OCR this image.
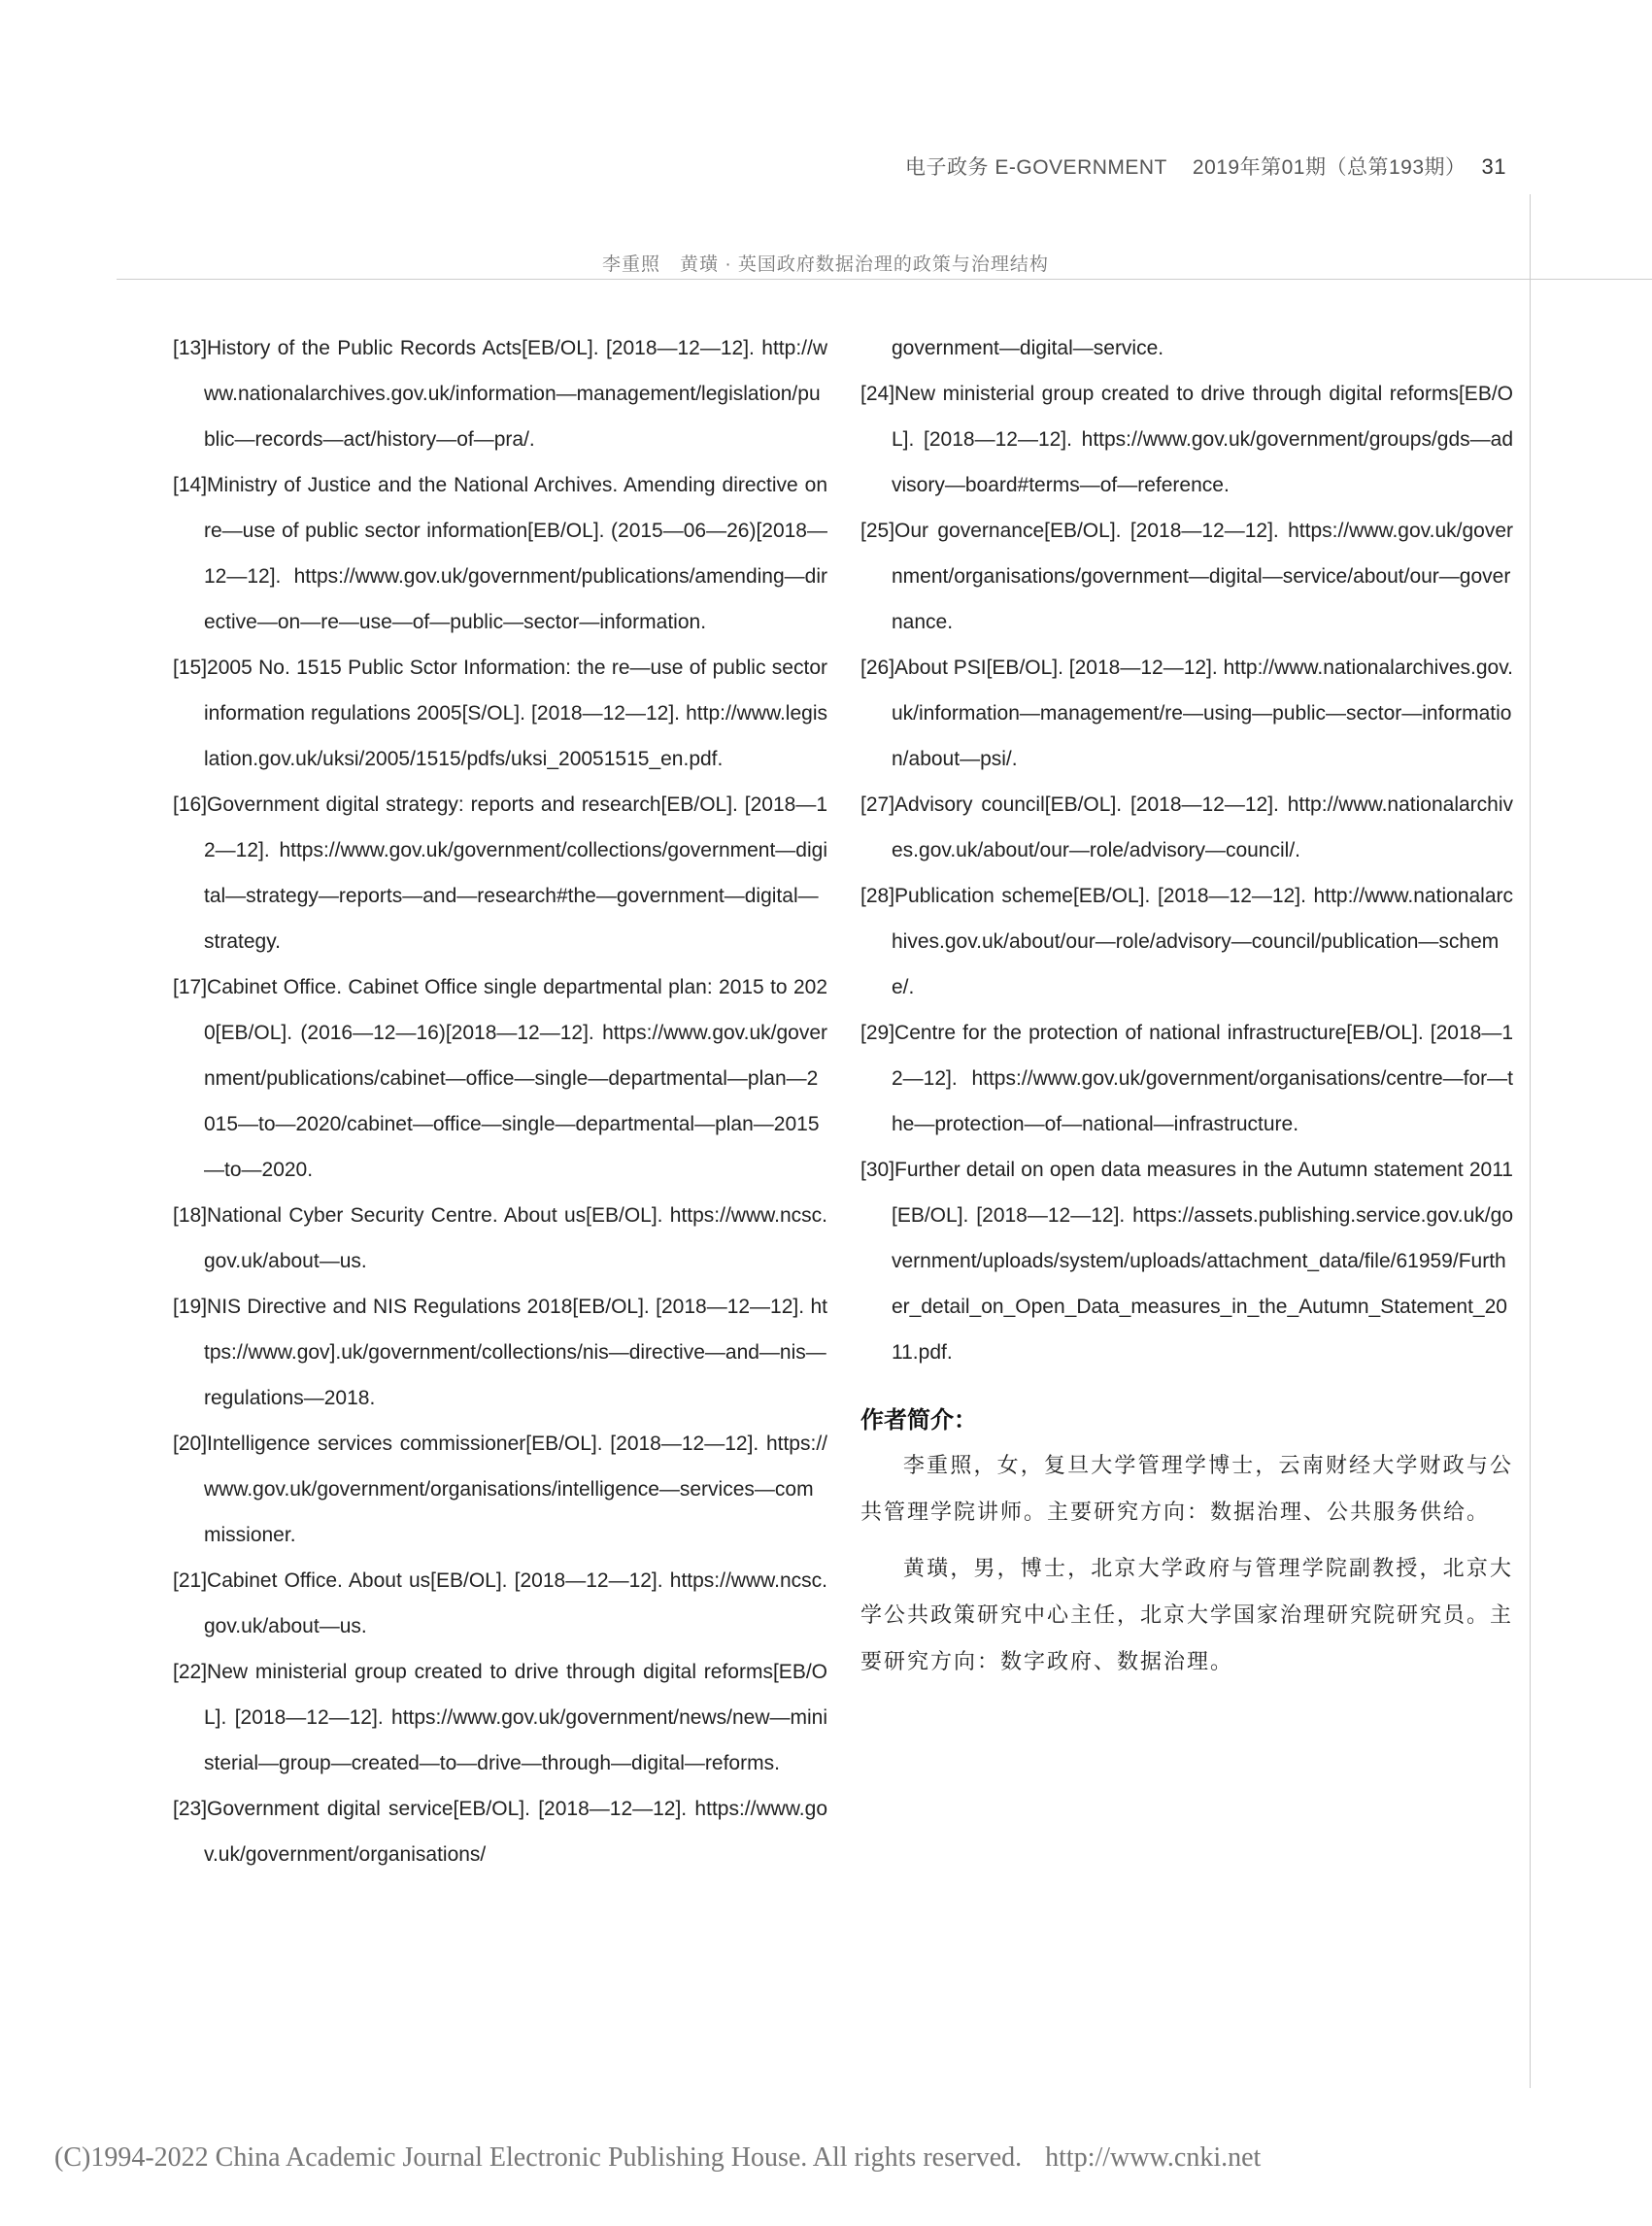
电子政务 E-GOVERNMENT 2019年第01期（总第193期） 31
李重照　黄璜 · 英国政府数据治理的政策与治理结构
[13]History of the Public Records Acts[EB/OL]. [2018—12—12]. http://www.nationalarchives.gov.uk/information—management/legislation/public—records—act/history—of—pra/.
[14]Ministry of Justice and the National Archives. Amending directive on re—use of public sector information[EB/OL]. (2015—06—26)[2018—12—12]. https://www.gov.uk/government/publications/amending—directive—on—re—use—of—public—sector—information.
[15]2005 No. 1515 Public Sctor Information: the re—use of public sector information regulations 2005[S/OL]. [2018—12—12]. http://www.legislation.gov.uk/uksi/2005/1515/pdfs/uksi_20051515_en.pdf.
[16]Government digital strategy: reports and research[EB/OL]. [2018—12—12]. https://www.gov.uk/government/collections/government—digital—strategy—reports—and—research#the—government—digital—strategy.
[17]Cabinet Office. Cabinet Office single departmental plan: 2015 to 2020[EB/OL]. (2016—12—16)[2018—12—12]. https://www.gov.uk/government/publications/cabinet—office—single—departmental—plan—2015—to—2020/cabinet—office—single—departmental—plan—2015—to—2020.
[18]National Cyber Security Centre. About us[EB/OL]. https://www.ncsc.gov.uk/about—us.
[19]NIS Directive and NIS Regulations 2018[EB/OL]. [2018—12—12]. https://www.gov].uk/government/collections/nis—directive—and—nis—regulations—2018.
[20]Intelligence services commissioner[EB/OL]. [2018—12—12]. https://www.gov.uk/government/organisations/intelligence—services—commissioner.
[21]Cabinet Office. About us[EB/OL]. [2018—12—12]. https://www.ncsc.gov.uk/about—us.
[22]New ministerial group created to drive through digital reforms[EB/OL]. [2018—12—12]. https://www.gov.uk/government/news/new—ministerial—group—created—to—drive—through—digital—reforms.
[23]Government digital service[EB/OL]. [2018—12—12]. https://www.gov.uk/government/organisations/
government—digital—service.
[24]New ministerial group created to drive through digital reforms[EB/OL]. [2018—12—12]. https://www.gov.uk/government/groups/gds—advisory—board#terms—of—reference.
[25]Our governance[EB/OL]. [2018—12—12]. https://www.gov.uk/government/organisations/government—digital—service/about/our—governance.
[26]About PSI[EB/OL]. [2018—12—12]. http://www.nationalarchives.gov.uk/information—management/re—using—public—sector—information/about—psi/.
[27]Advisory council[EB/OL]. [2018—12—12]. http://www.nationalarchives.gov.uk/about/our—role/advisory—council/.
[28]Publication scheme[EB/OL]. [2018—12—12]. http://www.nationalarchives.gov.uk/about/our—role/advisory—council/publication—scheme/.
[29]Centre for the protection of national infrastructure[EB/OL]. [2018—12—12]. https://www.gov.uk/government/organisations/centre—for—the—protection—of—national—infrastructure.
[30]Further detail on open data measures in the Autumn statement 2011[EB/OL]. [2018—12—12]. https://assets.publishing.service.gov.uk/government/uploads/system/uploads/attachment_data/file/61959/Further_detail_on_Open_Data_measures_in_the_Autumn_Statement_2011.pdf.
作者简介：

李重照，女，复旦大学管理学博士，云南财经大学财政与公共管理学院讲师。主要研究方向：数据治理、公共服务供给。

黄璜，男，博士，北京大学政府与管理学院副教授，北京大学公共政策研究中心主任，北京大学国家治理研究院研究员。主要研究方向：数字政府、数据治理。

(C)1994-2022 China Academic Journal Electronic Publishing House. All rights reserved. http://www.cnki.net
